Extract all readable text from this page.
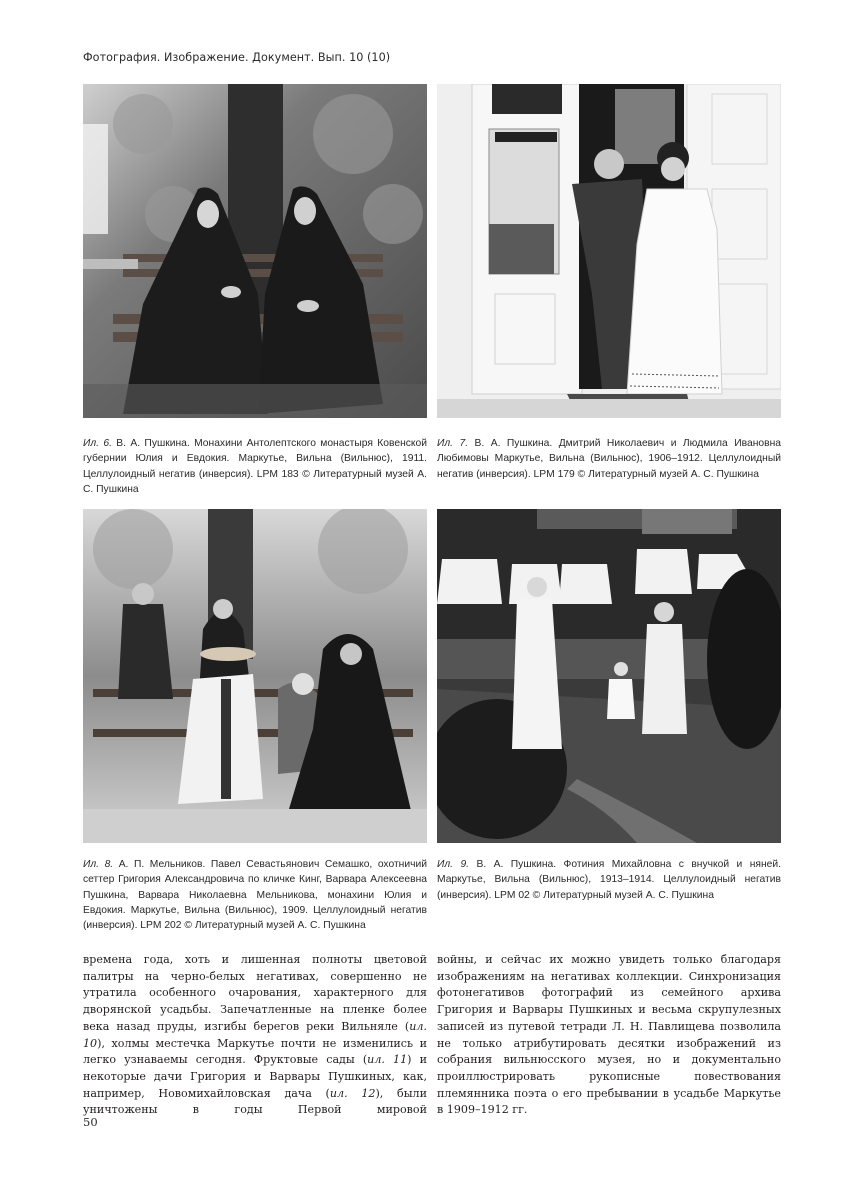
Фотография. Изображение. Документ. Вып. 10 (10)
Ил. 6. В. А. Пушкина. Монахини Антолептского монастыря Ковенской губернии Юлия и Евдокия. Маркутье, Вильна (Вильнюс), 1911. Целлулоидный негатив (инверсия). LPM 183 © Литературный музей А. С. Пушкина
Ил. 7. В. А. Пушкина. Дмитрий Николаевич и Людмила Ивановна Любимовы Маркутье, Вильна (Вильнюс), 1906–1912. Целлулоидный негатив (инверсия). LPM 179 © Литературный музей А. С. Пушкина
Ил. 8. А. П. Мельников. Павел Севастьянович Семашко, охотничий сеттер Григория Александровича по кличке Кинг, Варвара Алексеевна Пушкина, Варвара Николаевна Мельникова, монахини Юлия и Евдокия. Маркутье, Вильна (Вильнюс), 1909. Целлулоидный негатив (инверсия). LPM 202 © Литературный музей А. С. Пушкина
Ил. 9. В. А. Пушкина. Фотиния Михайловна с внучкой и няней. Маркутье, Вильна (Вильнюс), 1913–1914. Целлулоидный негатив (инверсия). LPM 02 © Литературный музей А. С. Пушкина
времена года, хоть и лишенная полноты цветовой палитры на черно-белых негативах, совершенно не утратила особенного очарования, характерного для дворянской усадьбы. Запечатленные на пленке более века назад пруды, изгибы берегов реки Вильняле (ил. 10), холмы местечка Маркутье почти не изменились и легко узнаваемы сегодня. Фруктовые сады (ил. 11) и некоторые дачи Григория и Варвары Пушкиных, как, например, Новомихайловская дача (ил. 12), были уничтожены в годы Первой мировой
войны, и сейчас их можно увидеть только благодаря изображениям на негативах коллекции. Синхронизация фотонегативов фотографий из семейного архива Григория и Варвары Пушкиных и весьма скрупулезных записей из путевой тетради Л. Н. Павлищева позволила не только атрибутировать десятки изображений из собрания вильнюсского музея, но и документально проиллюстрировать рукописные повествования племянника поэта о его пребывании в усадьбе Маркутье в 1909–1912 гг.
50
